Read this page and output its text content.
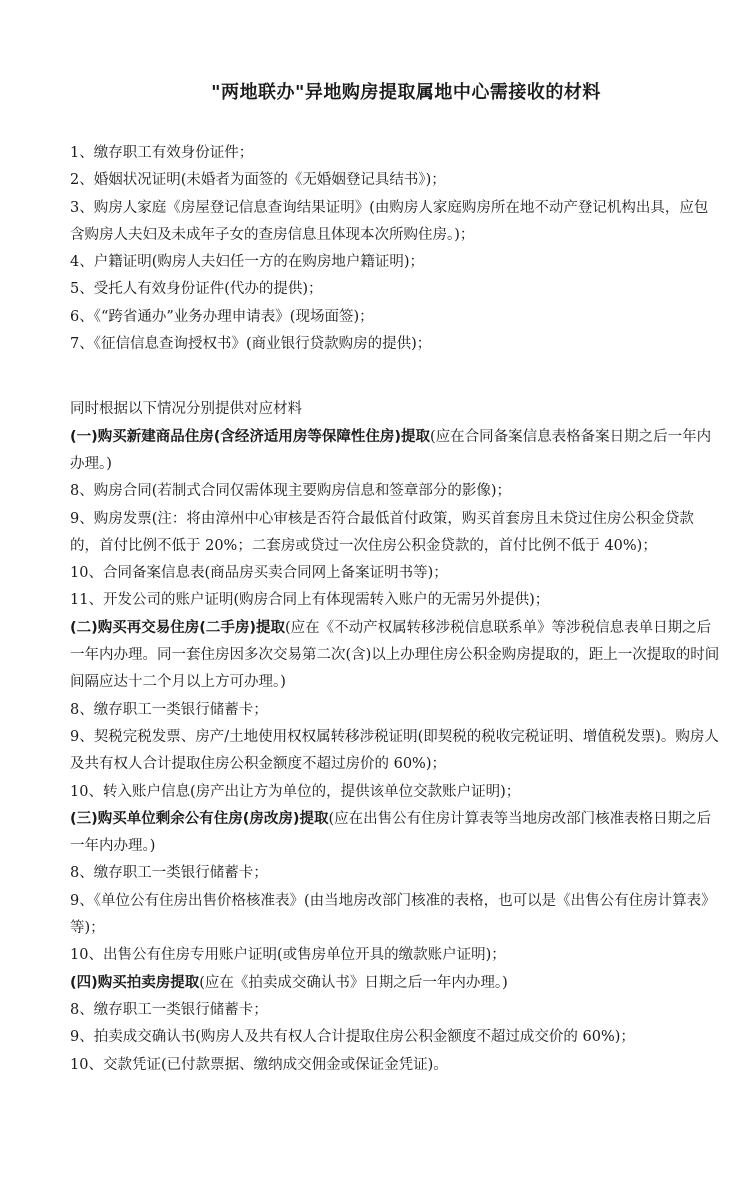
"两地联办"异地购房提取属地中心需接收的材料

1、缴存职工有效身份证件；

2、婚姻状况证明(未婚者为面签的《无婚姻登记具结书》)；

3、购房人家庭《房屋登记信息查询结果证明》(由购房人家庭购房所在地不动产登记机构出具，应包含购房人夫妇及未成年子女的查房信息且体现本次所购住房。)；

4、户籍证明(购房人夫妇任一方的在购房地户籍证明)；

5、受托人有效身份证件(代办的提供)；

6、《“跨省通办”业务办理申请表》(现场面签)；

7、《征信信息查询授权书》(商业银行贷款购房的提供)；

同时根据以下情况分别提供对应材料

(一)购买新建商品住房(含经济适用房等保障性住房)提取(应在合同备案信息表格备案日期之后一年内办理。)

8、购房合同(若制式合同仅需体现主要购房信息和签章部分的影像)；

9、购房发票(注：将由漳州中心审核是否符合最低首付政策，购买首套房且未贷过住房公积金贷款的，首付比例不低于 20%；二套房或贷过一次住房公积金贷款的，首付比例不低于 40%)；

10、合同备案信息表(商品房买卖合同网上备案证明书等)；

11、开发公司的账户证明(购房合同上有体现需转入账户的无需另外提供)；

(二)购买再交易住房(二手房)提取(应在《不动产权属转移涉税信息联系单》等涉税信息表单日期之后一年内办理。同一套住房因多次交易第二次(含)以上办理住房公积金购房提取的，距上一次提取的时间间隔应达十二个月以上方可办理。)

8、缴存职工一类银行储蓄卡；

9、契税完税发票、房产/土地使用权权属转移涉税证明(即契税的税收完税证明、增值税发票)。购房人及共有权人合计提取住房公积金额度不超过房价的 60%)；

10、转入账户信息(房产出让方为单位的，提供该单位交款账户证明)；

(三)购买单位剩余公有住房(房改房)提取(应在出售公有住房计算表等当地房改部门核准表格日期之后一年内办理。)

8、缴存职工一类银行储蓄卡；

9、《单位公有住房出售价格核准表》(由当地房改部门核准的表格，也可以是《出售公有住房计算表》等)；

10、出售公有住房专用账户证明(或售房单位开具的缴款账户证明)；

(四)购买拍卖房提取(应在《拍卖成交确认书》日期之后一年内办理。)

8、缴存职工一类银行储蓄卡；

9、拍卖成交确认书(购房人及共有权人合计提取住房公积金额度不超过成交价的 60%)；

10、交款凭证(已付款票据、缴纳成交佣金或保证金凭证)。
